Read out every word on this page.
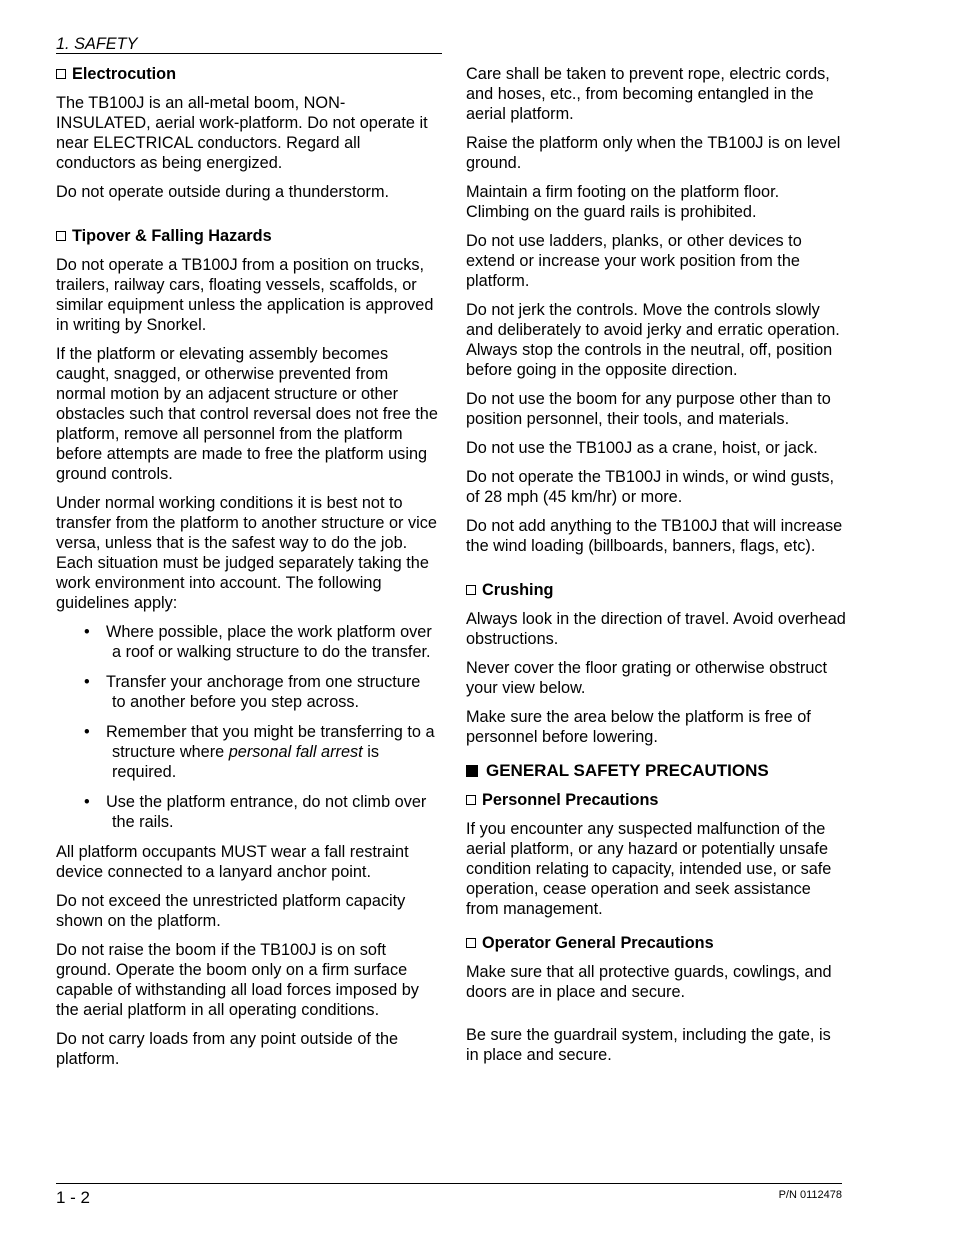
1. SAFETY
Electrocution

The TB100J is an all-metal boom, NON-INSULATED, aerial work-platform. Do not operate it near ELECTRICAL conductors. Regard all conductors as being energized.

Do not operate outside during a thunderstorm.

Tipover & Falling Hazards

Do not operate a TB100J from a position on trucks, trailers, railway cars, floating vessels, scaffolds, or similar equipment unless the application is approved in writing by Snorkel.

If the platform or elevating assembly becomes caught, snagged, or otherwise prevented from normal motion by an adjacent structure or other obstacles such that control reversal does not free the platform, remove all personnel from the platform before attempts are made to free the platform using ground controls.

Under normal working conditions it is best not to transfer from the platform to another structure or vice versa, unless that is the safest way to do the job. Each situation must be judged separately taking the work environment into account. The following guidelines apply:

• Where possible, place the work platform over a roof or walking structure to do the transfer.
• Transfer your anchorage from one structure to another before you step across.
• Remember that you might be transferring to a structure where personal fall arrest is required.
• Use the platform entrance, do not climb over the rails.

All platform occupants MUST wear a fall restraint device connected to a lanyard anchor point.

Do not exceed the unrestricted platform capacity shown on the platform.

Do not raise the boom if the TB100J is on soft ground. Operate the boom only on a firm surface capable of withstanding all load forces imposed by the aerial platform in all operating conditions.

Do not carry loads from any point outside of the platform.

Care shall be taken to prevent rope, electric cords, and hoses, etc., from becoming entangled in the aerial platform.

Raise the platform only when the TB100J is on level ground.

Maintain a firm footing on the platform floor. Climbing on the guard rails is prohibited.

Do not use ladders, planks, or other devices to extend or increase your work position from the platform.

Do not jerk the controls. Move the controls slowly and deliberately to avoid jerky and erratic operation. Always stop the controls in the neutral, off, position before going in the opposite direction.

Do not use the boom for any purpose other than to position personnel, their tools, and materials.

Do not use the TB100J as a crane, hoist, or jack.

Do not operate the TB100J in winds, or wind gusts, of 28 mph (45 km/hr) or more.

Do not add anything to the TB100J that will increase the wind loading (billboards, banners, flags, etc).

Crushing

Always look in the direction of travel. Avoid overhead obstructions.

Never cover the floor grating or otherwise obstruct your view below.

Make sure the area below the platform is free of personnel before lowering.

GENERAL SAFETY PRECAUTIONS
Personnel Precautions

If you encounter any suspected malfunction of the aerial platform, or any hazard or potentially unsafe condition relating to capacity, intended use, or safe operation, cease operation and seek assistance from management.

Operator General Precautions

Make sure that all protective guards, cowlings, and doors are in place and secure.

Be sure the guardrail system, including the gate, is in place and secure.

1 - 2	P/N 0112478
